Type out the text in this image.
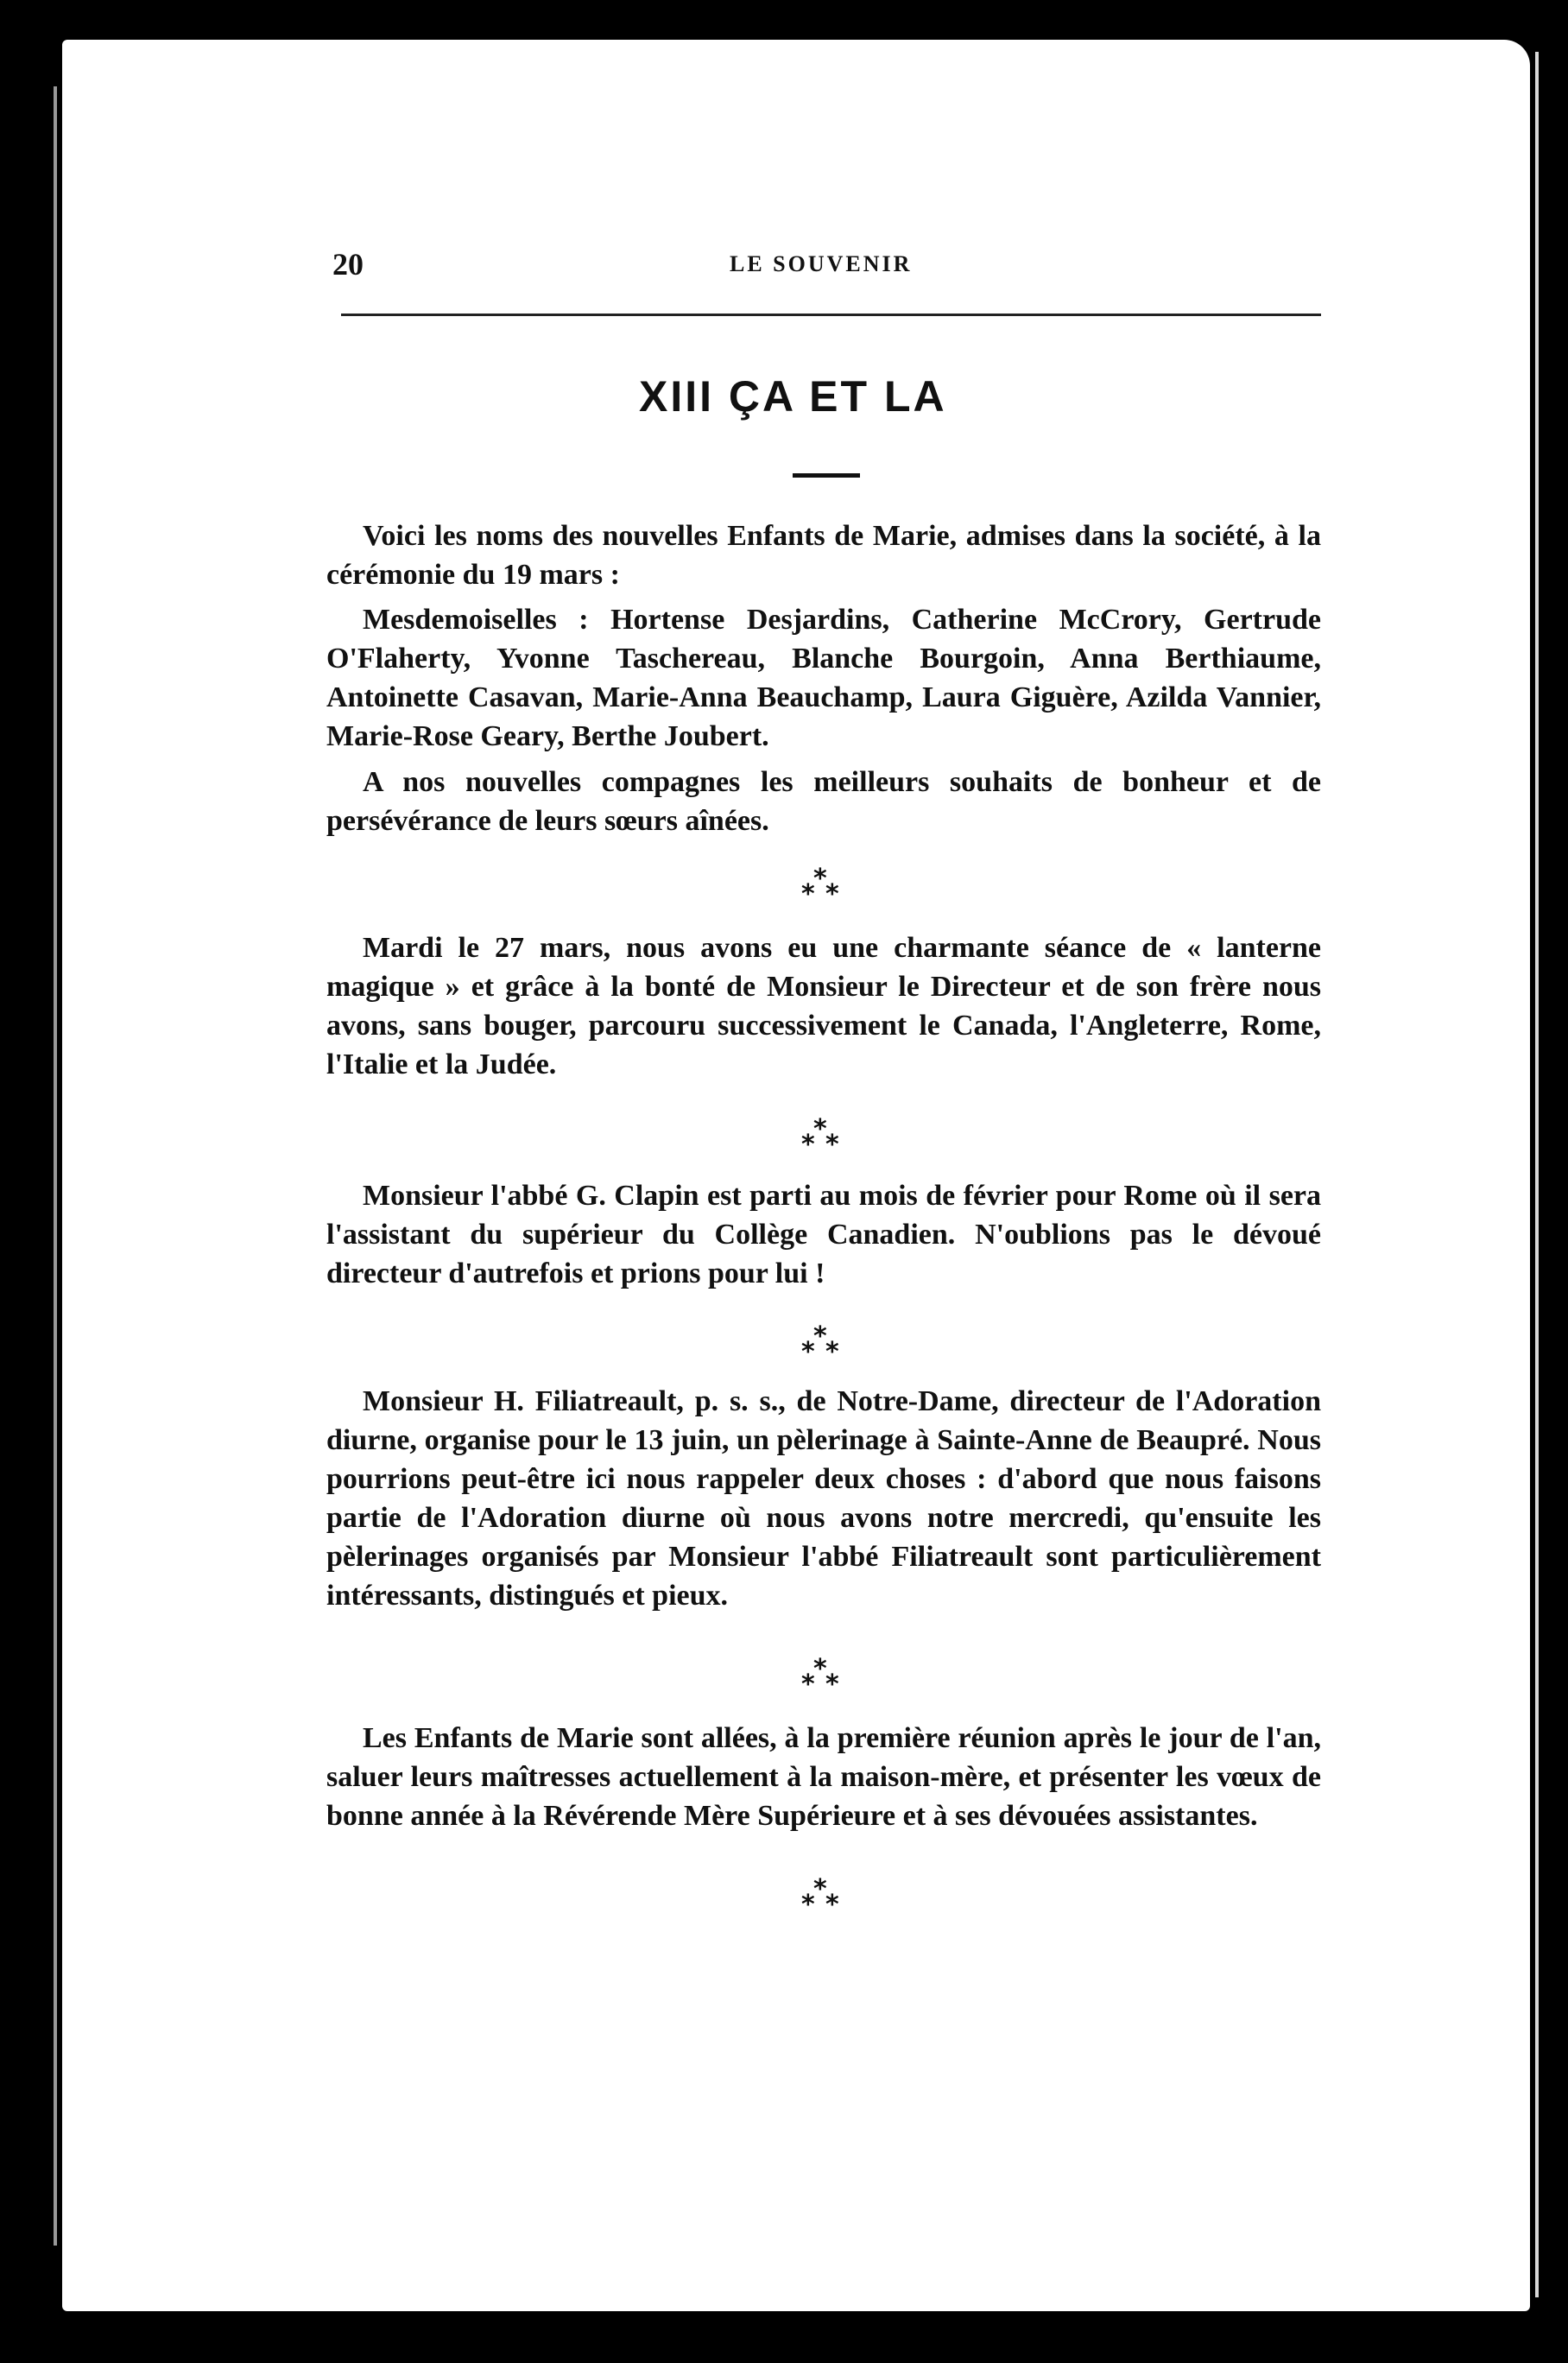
20	LE SOUVENIR
XIII ÇA ET LA

Voici les noms des nouvelles Enfants de Marie, admises dans la société, à la cérémonie du 19 mars :

Mesdemoiselles : Hortense Desjardins, Catherine McCrory, Gertrude O'Flaherty, Yvonne Taschereau, Blanche Bourgoin, Anna Berthiaume, Antoinette Casavan, Marie-Anna Beauchamp, Laura Giguère, Azilda Vannier, Marie-Rose Geary, Berthe Joubert.

A nos nouvelles compagnes les meilleurs souhaits de bonheur et de persévérance de leurs sœurs aînées.

*
* *

Mardi le 27 mars, nous avons eu une charmante séance de « lanterne magique » et grâce à la bonté de Monsieur le Directeur et de son frère nous avons, sans bouger, parcouru successivement le Canada, l'Angleterre, Rome, l'Italie et la Judée.

*
* *

Monsieur l'abbé G. Clapin est parti au mois de février pour Rome où il sera l'assistant du supérieur du Collège Canadien. N'oublions pas le dévoué directeur d'autrefois et prions pour lui !

*
* *

Monsieur H. Filiatreault, p. s. s., de Notre-Dame, directeur de l'Adoration diurne, organise pour le 13 juin, un pèlerinage à Sainte-Anne de Beaupré. Nous pourrions peut-être ici nous rappeler deux choses : d'abord que nous faisons partie de l'Adoration diurne où nous avons notre mercredi, qu'ensuite les pèlerinages organisés par Monsieur l'abbé Filiatreault sont particulièrement intéressants, distingués et pieux.

*
* *

Les Enfants de Marie sont allées, à la première réunion après le jour de l'an, saluer leurs maîtresses actuellement à la maison-mère, et présenter les vœux de bonne année à la Révérende Mère Supérieure et à ses dévouées assistantes.

*
* *
